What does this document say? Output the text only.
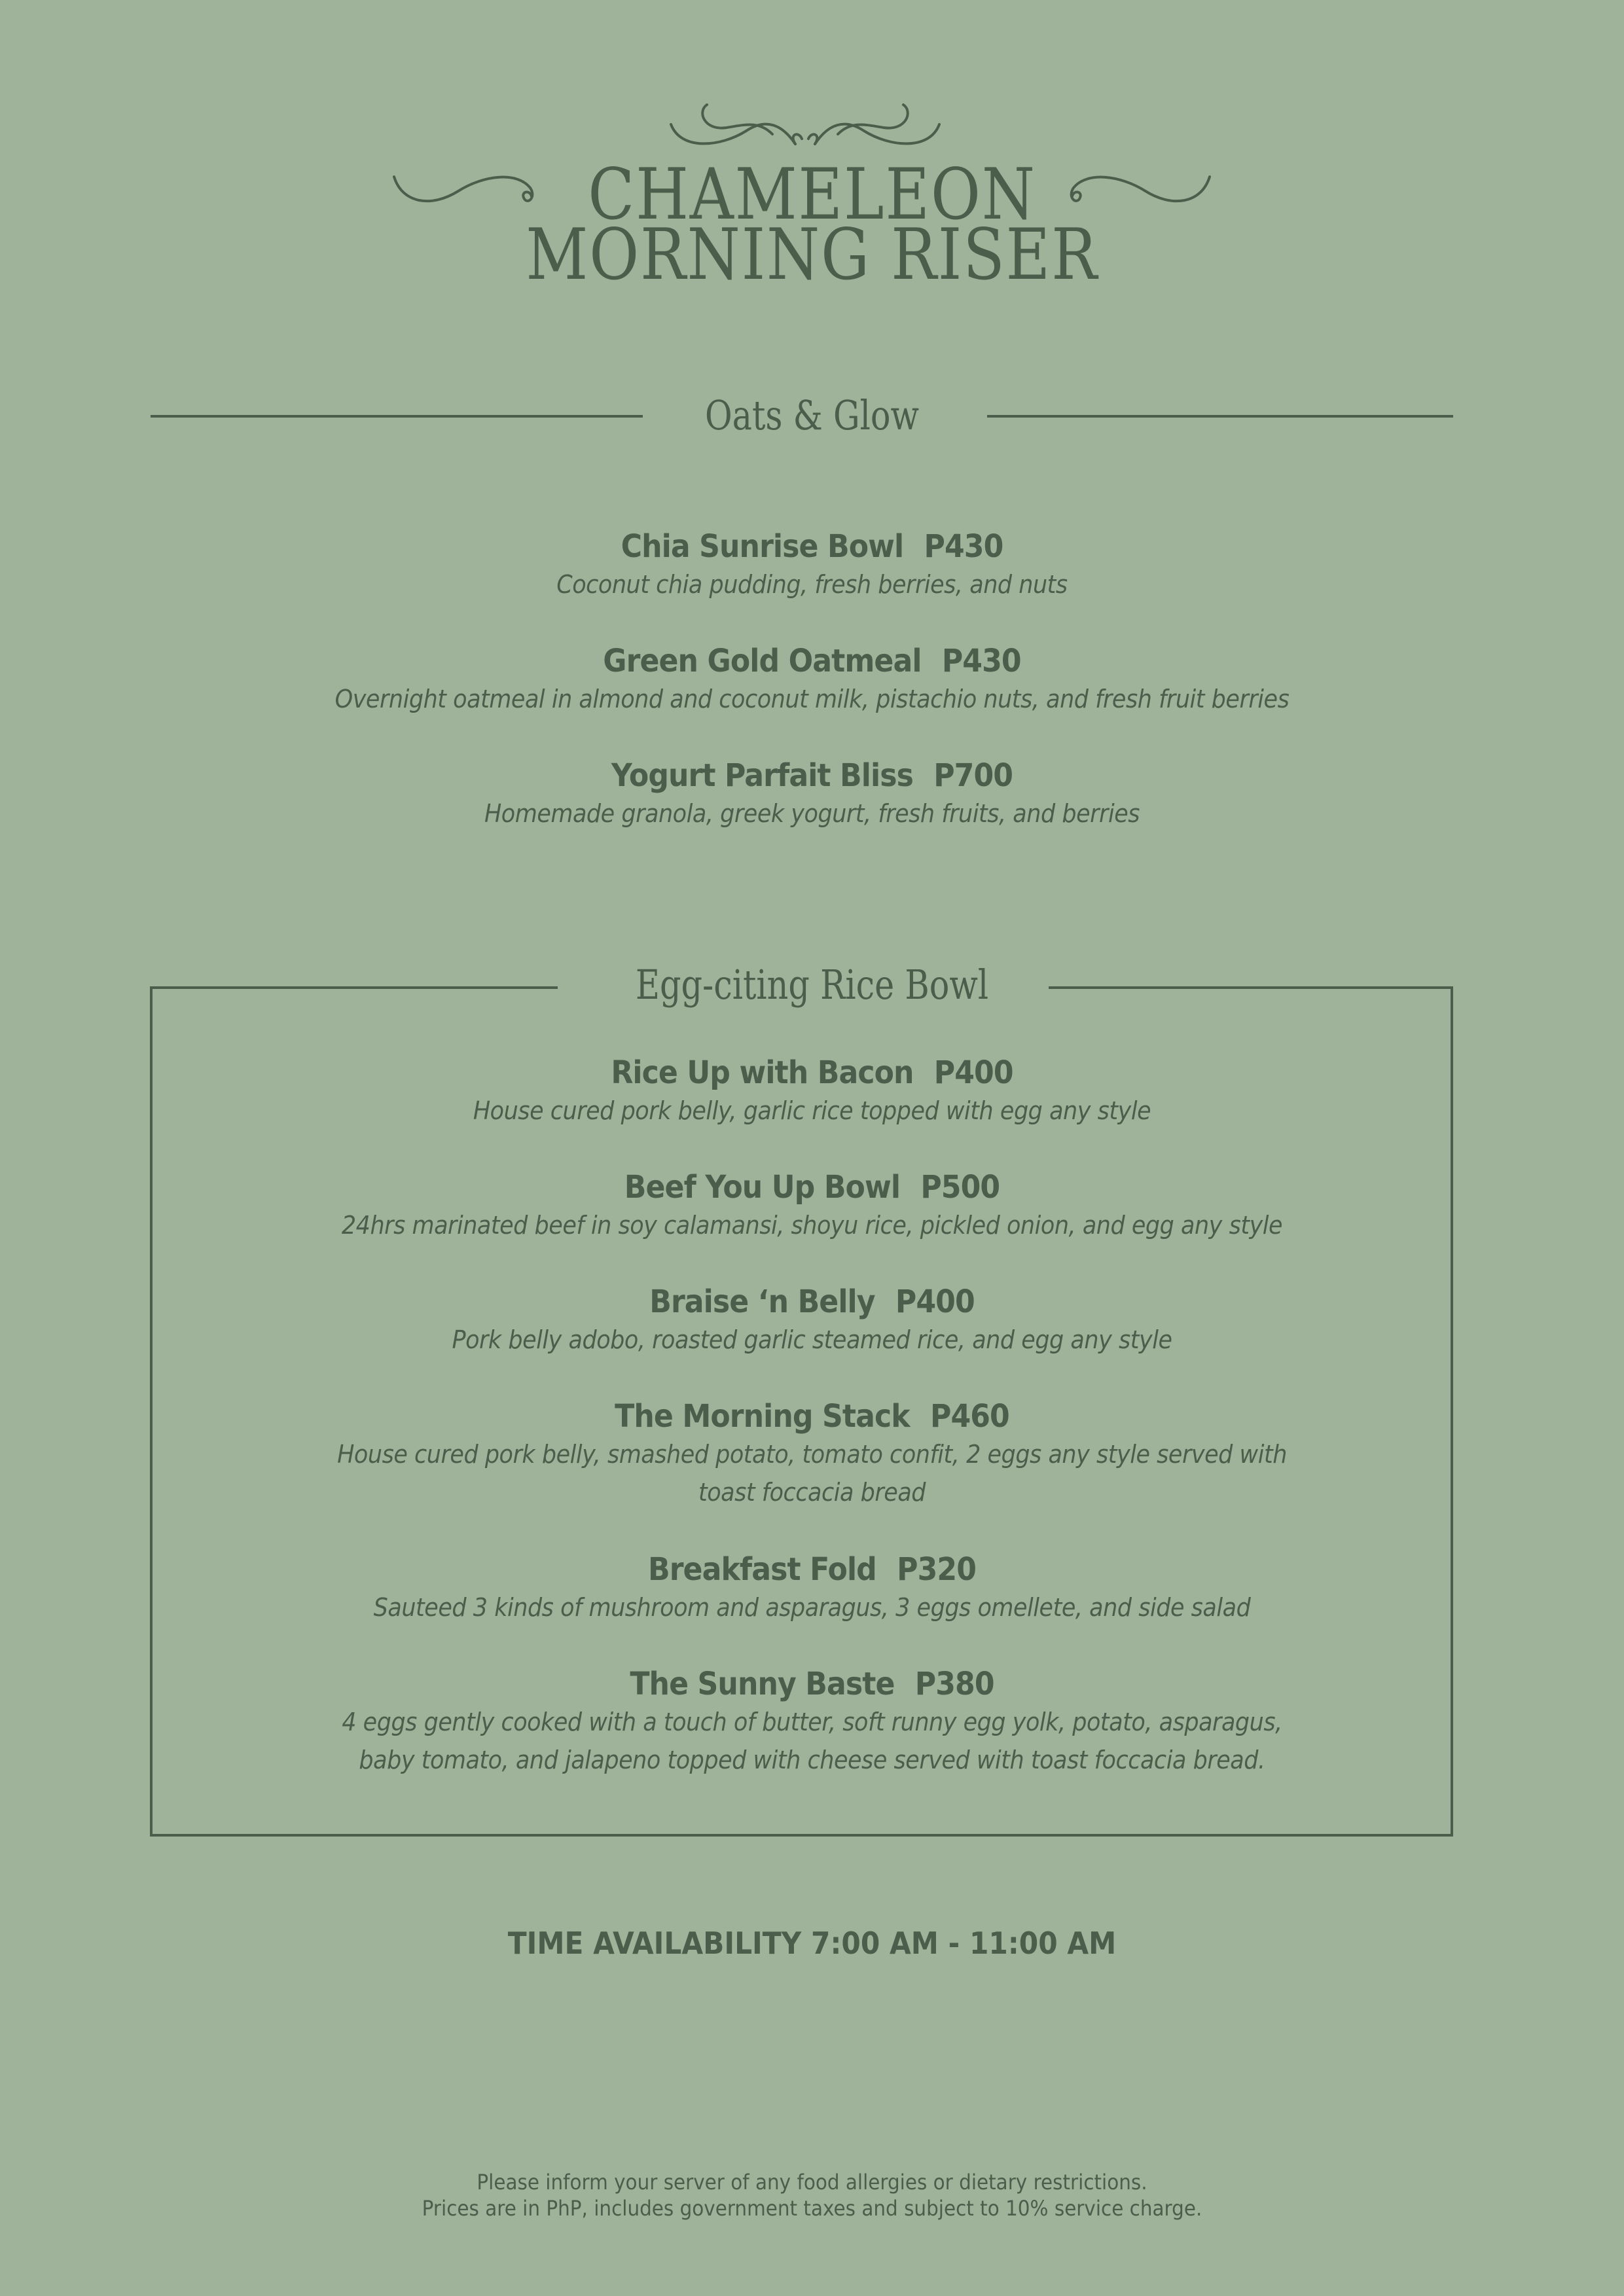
CHAMELEON
MORNING RISER
Oats & Glow
Chia Sunrise Bowl P430
Coconut chia pudding, fresh berries, and nuts
Green Gold Oatmeal P430
Overnight oatmeal in almond and coconut milk, pistachio nuts, and fresh fruit berries
Yogurt Parfait Bliss P700
Homemade granola, greek yogurt, fresh fruits, and berries
Egg-citing Rice Bowl
Rice Up with Bacon P400
House cured pork belly, garlic rice topped with egg any style
Beef You Up Bowl P500
24hrs marinated beef in soy calamansi, shoyu rice, pickled onion, and egg any style
Braise ‘n Belly P400
Pork belly adobo, roasted garlic steamed rice, and egg any style
The Morning Stack P460
House cured pork belly, smashed potato, tomato confit, 2 eggs any style served with
toast foccacia bread
Breakfast Fold P320
Sauteed 3 kinds of mushroom and asparagus, 3 eggs omellete, and side salad
The Sunny Baste P380
4 eggs gently cooked with a touch of butter, soft runny egg yolk, potato, asparagus,
baby tomato, and jalapeno topped with cheese served with toast foccacia bread.
TIME AVAILABILITY 7:00 AM - 11:00 AM
Please inform your server of any food allergies or dietary restrictions.
Prices are in PhP, includes government taxes and subject to 10% service charge.
